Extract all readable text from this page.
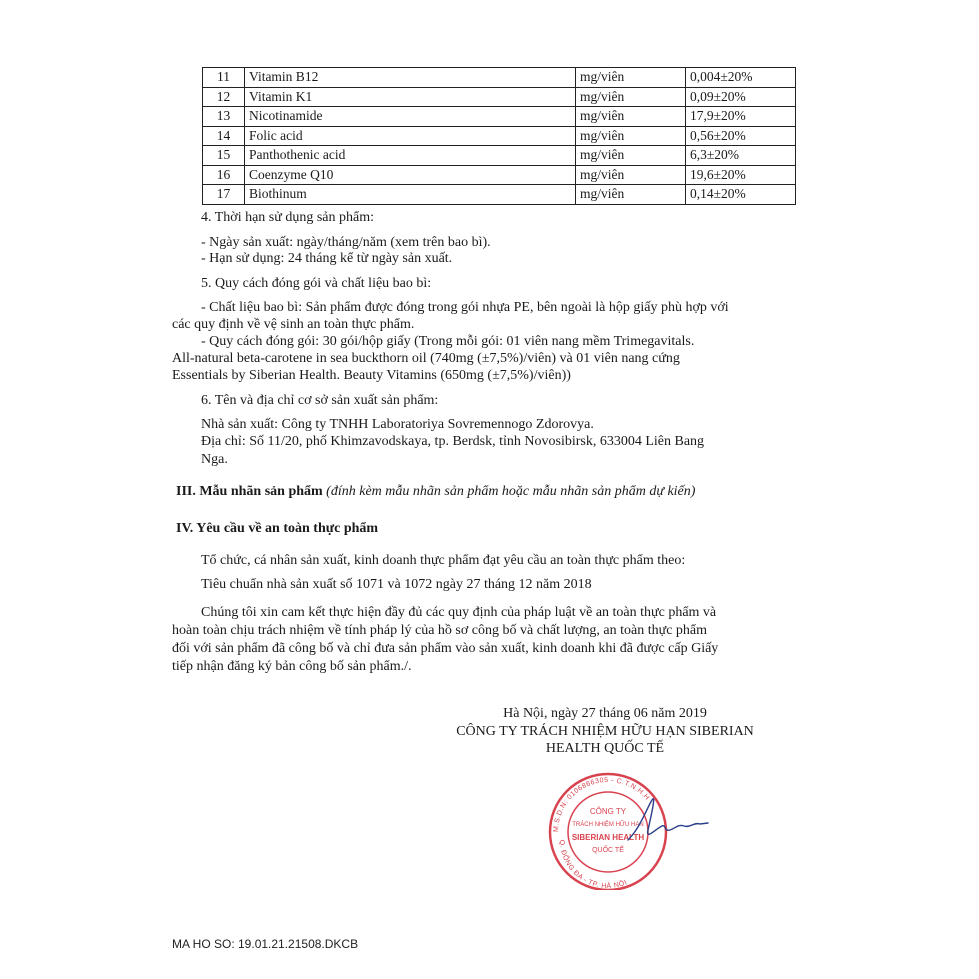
11	Vitamin B12	mg/viên	0,004±20%
12	Vitamin K1	mg/viên	0,09±20%
13	Nicotinamide	mg/viên	17,9±20%
14	Folic acid	mg/viên	0,56±20%
15	Panthothenic acid	mg/viên	6,3±20%
16	Coenzyme Q10	mg/viên	19,6±20%
17	Biothinum	mg/viên	0,14±20%
4. Thời hạn sử dụng sản phẩm:
- Ngày sản xuất: ngày/tháng/năm (xem trên bao bì).
- Hạn sử dụng: 24 tháng kể từ ngày sản xuất.
5. Quy cách đóng gói và chất liệu bao bì:
- Chất liệu bao bì: Sản phẩm được đóng trong gói nhựa PE, bên ngoài là hộp giấy phù hợp với
các quy định về vệ sinh an toàn thực phẩm.
- Quy cách đóng gói: 30 gói/hộp giấy (Trong mỗi gói: 01 viên nang mềm Trimegavitals.
All-natural beta-carotene in sea buckthorn oil (740mg (±7,5%)/viên) và 01 viên nang cứng
Essentials by Siberian Health. Beauty Vitamins (650mg (±7,5%)/viên))
6. Tên và địa chỉ cơ sở sản xuất sản phẩm:
Nhà sản xuất: Công ty TNHH Laboratoriya Sovremennogo Zdorovya.
Địa chỉ: Số 11/20, phố Khimzavodskaya, tp. Berdsk, tỉnh Novosibirsk, 633004 Liên Bang
Nga.
III. Mẫu nhãn sản phẩm (đính kèm mẫu nhãn sản phẩm hoặc mẫu nhãn sản phẩm dự kiến)
IV. Yêu cầu về an toàn thực phẩm
Tổ chức, cá nhân sản xuất, kinh doanh thực phẩm đạt yêu cầu an toàn thực phẩm theo:
Tiêu chuẩn nhà sản xuất số 1071 và 1072 ngày 27 tháng 12 năm 2018
Chúng tôi xin cam kết thực hiện đầy đủ các quy định của pháp luật về an toàn thực phẩm và
hoàn toàn chịu trách nhiệm về tính pháp lý của hồ sơ công bố và chất lượng, an toàn thực phẩm
đối với sản phẩm đã công bố và chỉ đưa sản phẩm vào sản xuất, kinh doanh khi đã được cấp Giấy
tiếp nhận đăng ký bản công bố sản phẩm./.
Hà Nội, ngày 27 tháng 06 năm 2019
CÔNG TY TRÁCH NHIỆM HỮU HẠN SIBERIAN
HEALTH QUỐC TẾ
M.S.D.N: 0106866305 - C.T.N.H.H
Q. ĐỐNG ĐA - TP. HÀ NỘI
CÔNG TY
TRÁCH NHIỆM HỮU HẠN
SIBERIAN HEALTH
QUỐC TẾ
MA HO SO: 19.01.21.21508.DKCB
